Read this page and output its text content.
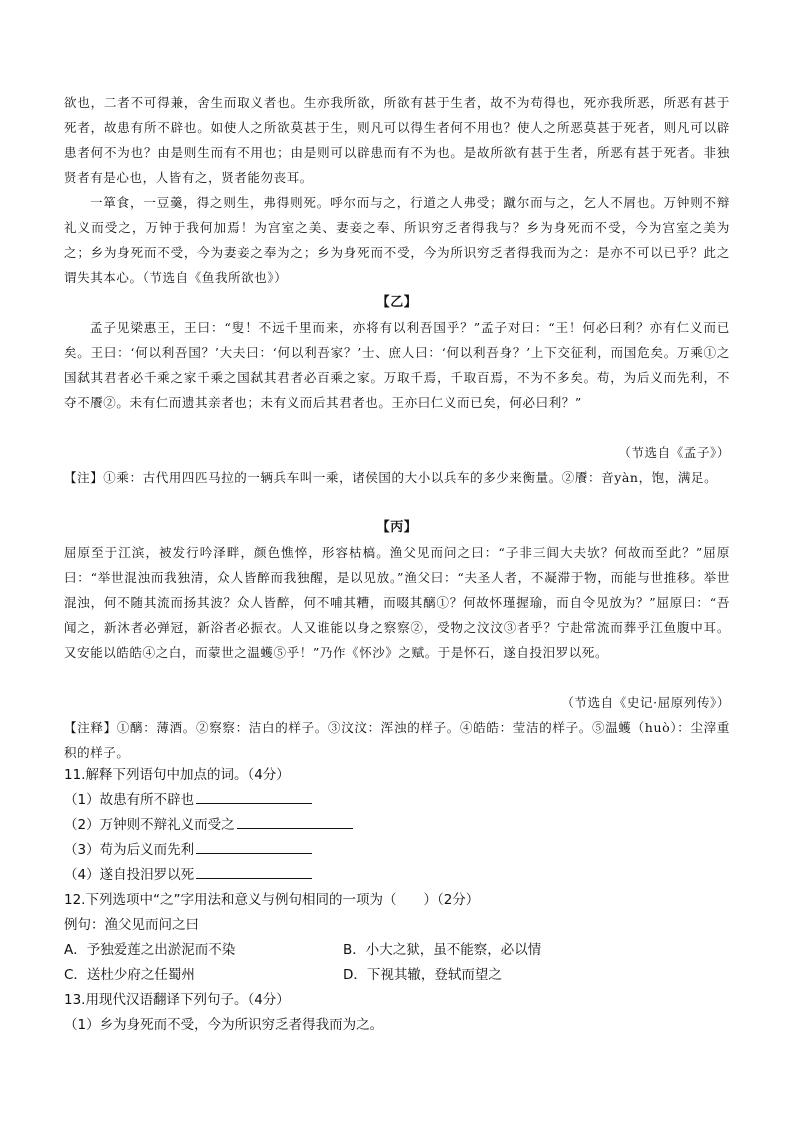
欲也，二者不可得兼，舍生而取义者也。生亦我所欲，所欲有甚于生者，故不为苟得也，死亦我所恶，所恶有甚于死者，故患有所不辟也。如使人之所欲莫甚于生，则凡可以得生者何不用也？使人之所恶莫甚于死者，则凡可以辟患者何不为也？由是则生而有不用也；由是则可以辟患而有不为也。是故所欲有甚于生者，所恶有甚于死者。非独贤者有是心也，人皆有之，贤者能勿丧耳。

一箪食，一豆羹，得之则生，弗得则死。呼尔而与之，行道之人弗受；蹴尔而与之，乞人不屑也。万钟则不辩礼义而受之，万钟于我何加焉！为宫室之美、妻妾之奉、所识穷乏者得我与？乡为身死而不受，今为宫室之美为之；乡为身死而不受，今为妻妾之奉为之；乡为身死而不受，今为所识穷乏者得我而为之：是亦不可以已乎？此之谓失其本心。（节选自《鱼我所欲也》）

【乙】

孟子见梁惠王，王曰：“叟！不远千里而来，亦将有以利吾国乎？”孟子对曰：“王！何必曰利？亦有仁义而已矣。王曰：‘何以利吾国？’大夫曰：‘何以利吾家？’士、庶人曰：‘何以利吾身？’上下交征利，而国危矣。万乘①之国弑其君者必千乘之家千乘之国弑其君者必百乘之家。万取千焉，千取百焉，不为不多矣。苟，为后义而先利，不夺不餍②。未有仁而遗其亲者也；未有义而后其君者也。王亦曰仁义而已矣，何必曰利？”

（节选自《孟子》）

【注】①乘：古代用四匹马拉的一辆兵车叫一乘，诸侯国的大小以兵车的多少来衡量。②餍：音yàn，饱，满足。

【丙】

屈原至于江滨，被发行吟泽畔，颜色憔悴，形容枯槁。渔父见而问之曰：“子非三闾大夫欤？何故而至此？”屈原曰：“举世混浊而我独清，众人皆醉而我独醒，是以见放。”渔父曰：“夫圣人者，不凝滞于物，而能与世推移。举世混浊，何不随其流而扬其波？众人皆醉，何不哺其糟，而啜其醨①？何故怀瑾握瑜，而自令见放为？”屈原曰：“吾闻之，新沐者必弹冠，新浴者必振衣。人又谁能以身之察察②，受物之汶汶③者乎？宁赴常流而葬乎江鱼腹中耳。又安能以皓皓④之白，而蒙世之温蠖⑤乎！”乃作《怀沙》之赋。于是怀石，遂自投汨罗以死。

（节选自《史记·屈原列传》）

【注释】①醨：薄酒。②察察：洁白的样子。③汶汶：浑浊的样子。④皓皓：莹洁的样子。⑤温蠖（huò）：尘滓重积的样子。

11.解释下列语句中加点的词。（4分）
（1）故患有所不辟也
（2）万钟则不辩礼义而受之
（3）苟为后义而先利
（4）遂自投汨罗以死
12.下列选项中“之”字用法和意义与例句相同的一项为（　　）（2分）
例句：渔父见而问之曰
A．予独爱莲之出淤泥而不染	B．小大之狱，虽不能察，必以情
C．送杜少府之任蜀州	D．下视其辙，登轼而望之
13.用现代汉语翻译下列句子。（4分）
（1）乡为身死而不受，今为所识穷乏者得我而为之。
